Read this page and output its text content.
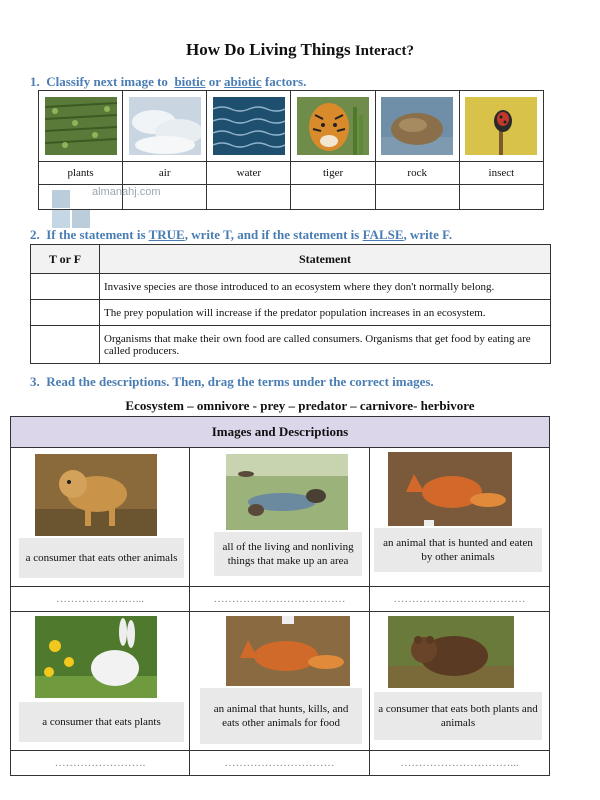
How Do Living Things Interact?
1. Classify next image to biotic or abiotic factors.

plants	air	water	tiger	rock	insect

almanahj.com
2. If the statement is TRUE, write T, and if the statement is FALSE, write F.
T or F	Statement
	Invasive species are those introduced to an ecosystem where they don't normally belong.
	The prey population will increase if the predator population increases in an ecosystem.
	Organisms that make their own food are called consumers. Organisms that get food by eating are called producers.
3. Read the descriptions. Then, drag the terms under the correct images.
Ecosystem – omnivore - prey – predator – carnivore- herbivore
Images and Descriptions		

a consumer that eats other animals	all of the living and nonliving things that make up an area	an animal that is hunted and eaten by other animals

……………….…...	………………………………	………………………………

a consumer that eats plants	an animal that hunts, kills, and eats other animals for food	a consumer that eats both plants and animals

…………………….	…………………………	…………………………...
